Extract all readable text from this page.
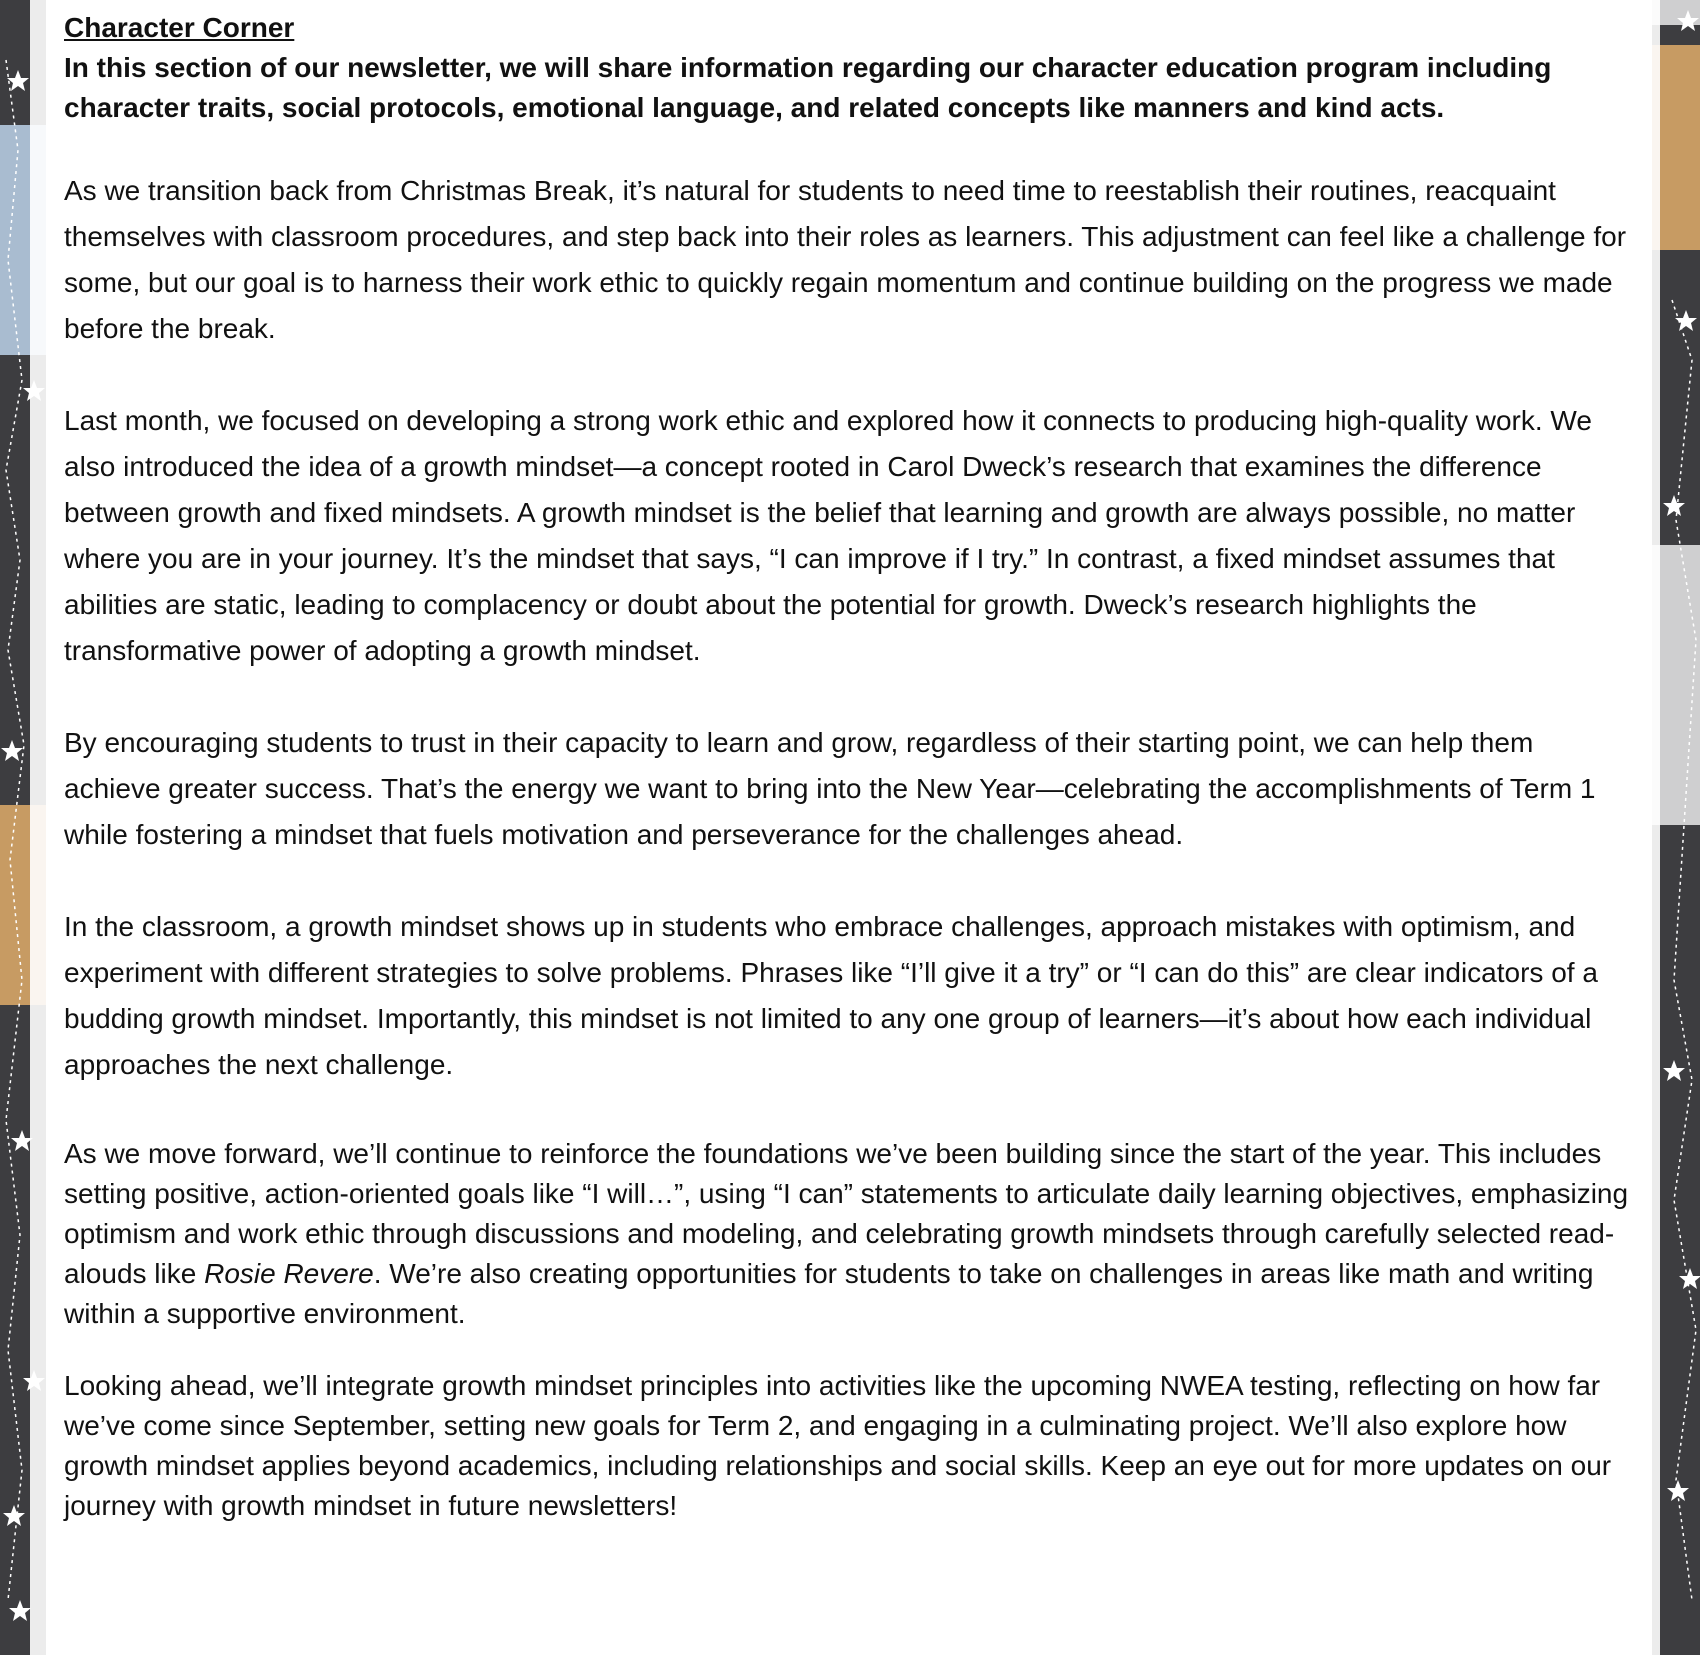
Character Corner

In this section of our newsletter, we will share information regarding our character education program including character traits, social protocols, emotional language, and related concepts like manners and kind acts.

As we transition back from Christmas Break, it’s natural for students to need time to reestablish their routines, reacquaint themselves with classroom procedures, and step back into their roles as learners. This adjustment can feel like a challenge for some, but our goal is to harness their work ethic to quickly regain momentum and continue building on the progress we made before the break.

Last month, we focused on developing a strong work ethic and explored how it connects to producing high-quality work. We also introduced the idea of a growth mindset—a concept rooted in Carol Dweck’s research that examines the difference between growth and fixed mindsets. A growth mindset is the belief that learning and growth are always possible, no matter where you are in your journey. It’s the mindset that says, “I can improve if I try.” In contrast, a fixed mindset assumes that abilities are static, leading to complacency or doubt about the potential for growth. Dweck’s research highlights the transformative power of adopting a growth mindset.

By encouraging students to trust in their capacity to learn and grow, regardless of their starting point, we can help them achieve greater success. That’s the energy we want to bring into the New Year—celebrating the accomplishments of Term 1 while fostering a mindset that fuels motivation and perseverance for the challenges ahead.

In the classroom, a growth mindset shows up in students who embrace challenges, approach mistakes with optimism, and experiment with different strategies to solve problems. Phrases like “I’ll give it a try” or “I can do this” are clear indicators of a budding growth mindset. Importantly, this mindset is not limited to any one group of learners—it’s about how each individual approaches the next challenge.

As we move forward, we’ll continue to reinforce the foundations we’ve been building since the start of the year. This includes setting positive, action-oriented goals like “I will…”, using “I can” statements to articulate daily learning objectives, emphasizing optimism and work ethic through discussions and modeling, and celebrating growth mindsets through carefully selected read-alouds like Rosie Revere. We’re also creating opportunities for students to take on challenges in areas like math and writing within a supportive environment.

Looking ahead, we’ll integrate growth mindset principles into activities like the upcoming NWEA testing, reflecting on how far we’ve come since September, setting new goals for Term 2, and engaging in a culminating project. We’ll also explore how growth mindset applies beyond academics, including relationships and social skills. Keep an eye out for more updates on our journey with growth mindset in future newsletters!
